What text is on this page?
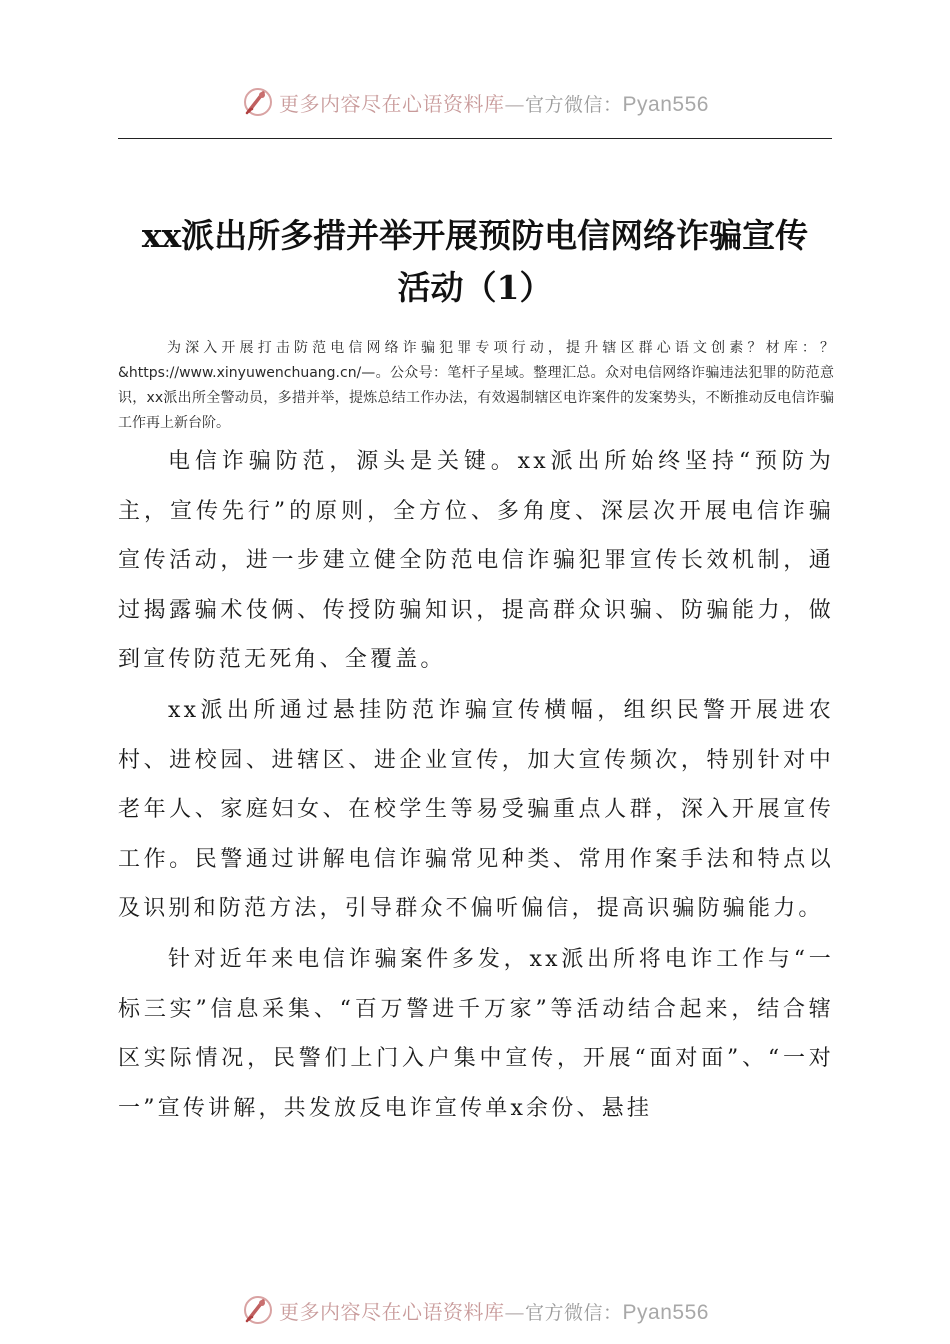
更多内容尽在心语资料库—官方微信：Pyan556
xx派出所多措并举开展预防电信网络诈骗宣传
活动（1）

为深入开展打击防范电信网络诈骗犯罪专项行动，提升辖区群心语文创素？材库：？&https://www.xinyuwenchuang.cn/—。公众号：笔杆子星域。整理汇总。众对电信网络诈骗违法犯罪的防范意识，xx派出所全警动员，多措并举，提炼总结工作办法，有效遏制辖区电诈案件的发案势头，不断推动反电信诈骗工作再上新台阶。

电信诈骗防范，源头是关键。xx派出所始终坚持“预防为主，宣传先行”的原则，全方位、多角度、深层次开展电信诈骗宣传活动，进一步建立健全防范电信诈骗犯罪宣传长效机制，通过揭露骗术伎俩、传授防骗知识，提高群众识骗、防骗能力，做到宣传防范无死角、全覆盖。

xx派出所通过悬挂防范诈骗宣传横幅，组织民警开展进农村、进校园、进辖区、进企业宣传，加大宣传频次，特别针对中老年人、家庭妇女、在校学生等易受骗重点人群，深入开展宣传工作。民警通过讲解电信诈骗常见种类、常用作案手法和特点以及识别和防范方法，引导群众不偏听偏信，提高识骗防骗能力。

针对近年来电信诈骗案件多发，xx派出所将电诈工作与“一标三实”信息采集、“百万警进千万家”等活动结合起来，结合辖区实际情况，民警们上门入户集中宣传，开展“面对面”、“一对一”宣传讲解，共发放反电诈宣传单x余份、悬挂

更多内容尽在心语资料库—官方微信：Pyan556
